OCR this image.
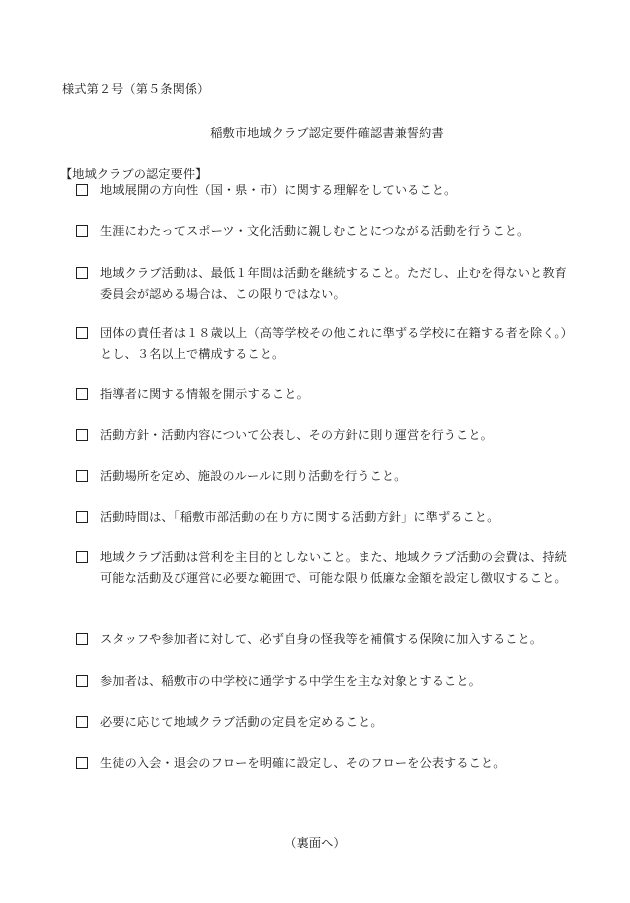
様式第２号（第５条関係）
稲敷市地域クラブ認定要件確認書兼誓約書
【地域クラブの認定要件】
地域展開の方向性（国・県・市）に関する理解をしていること。
生涯にわたってスポーツ・文化活動に親しむことにつながる活動を行うこと。
地域クラブ活動は、最低１年間は活動を継続すること。ただし、止むを得ないと教育委員会が認める場合は、この限りではない。
団体の責任者は１８歳以上（高等学校その他これに準ずる学校に在籍する者を除く。）とし、３名以上で構成すること。
指導者に関する情報を開示すること。
活動方針・活動内容について公表し、その方針に則り運営を行うこと。
活動場所を定め、施設のルールに則り活動を行うこと。
活動時間は、「稲敷市部活動の在り方に関する活動方針」に準ずること。
地域クラブ活動は営利を主目的としないこと。また、地域クラブ活動の会費は、持続可能な活動及び運営に必要な範囲で、可能な限り低廉な金額を設定し徴収すること。
スタッフや参加者に対して、必ず自身の怪我等を補償する保険に加入すること。
参加者は、稲敷市の中学校に通学する中学生を主な対象とすること。
必要に応じて地域クラブ活動の定員を定めること。
生徒の入会・退会のフローを明確に設定し、そのフローを公表すること。
（裏面へ）
